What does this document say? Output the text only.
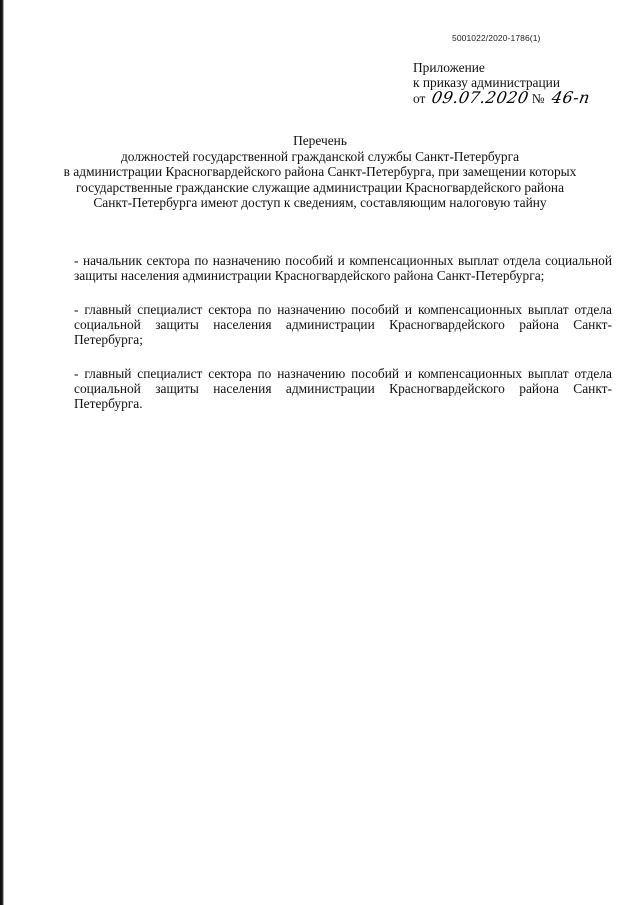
5001022/2020-1786(1)
Приложение
к приказу администрации
от 09.07.2020 № 46-п
Перечень
должностей государственной гражданской службы Санкт-Петербурга
в администрации Красногвардейского района Санкт-Петербурга, при замещении которых
государственные гражданские служащие администрации Красногвардейского района
Санкт-Петербурга имеют доступ к сведениям, составляющим налоговую тайну
- начальник сектора по назначению пособий и компенсационных выплат отдела социальной защиты населения администрации Красногвардейского района Санкт-Петербурга;
- главный специалист сектора по назначению пособий и компенсационных выплат отдела социальной защиты населения администрации Красногвардейского района Санкт-Петербурга;
- главный специалист сектора по назначению пособий и компенсационных выплат отдела социальной защиты населения администрации Красногвардейского района Санкт-Петербурга.
